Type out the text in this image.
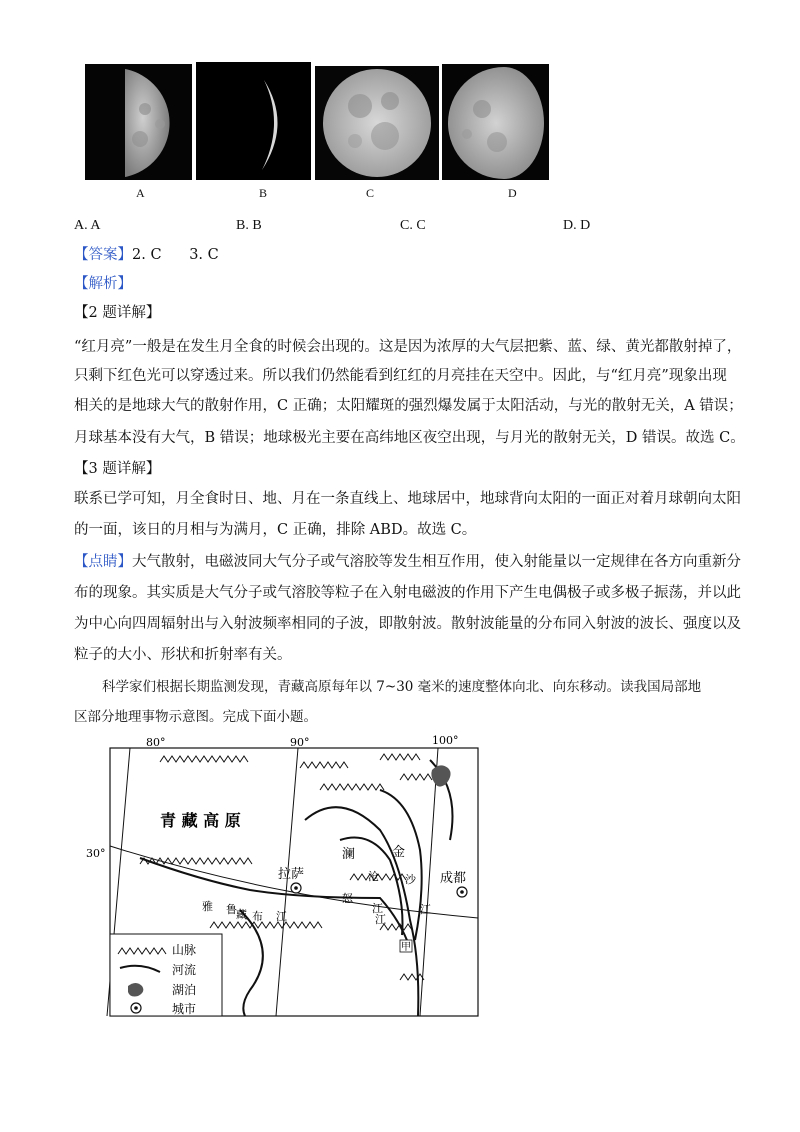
A	B	C	D
A. A	B. B	C. C	D. D
【答案】2. C      3. C
【解析】
【2 题详解】
“红月亮”一般是在发生月全食的时候会出现的。这是因为浓厚的大气层把紫、蓝、绿、黄光都散射掉了，
只剩下红色光可以穿透过来。所以我们仍然能看到红红的月亮挂在天空中。因此，与“红月亮”现象出现
相关的是地球大气的散射作用，C 正确；太阳耀斑的强烈爆发属于太阳活动，与光的散射无关，A 错误；
月球基本没有大气，B 错误；地球极光主要在高纬地区夜空出现，与月光的散射无关，D 错误。故选 C。
【3 题详解】
联系已学可知，月全食时日、地、月在一条直线上、地球居中，地球背向太阳的一面正对着月球朝向太阳
的一面，该日的月相与为满月，C 正确，排除 ABD。故选 C。
【点睛】大气散射，电磁波同大气分子或气溶胶等发生相互作用，使入射能量以一定规律在各方向重新分
布的现象。其实质是大气分子或气溶胶等粒子在入射电磁波的作用下产生电偶极子或多极子振荡，并以此
为中心向四周辐射出与入射波频率相同的子波，即散射波。散射波能量的分布同入射波的波长、强度以及
粒子的大小、形状和折射率有关。
科学家们根据长期监测发现，青藏高原每年以 7~30 毫米的速度整体向北、向东移动。读我国局部地
区部分地理事物示意图。完成下面小题。
80°	90°	100°
30°
青 藏 高 原
拉萨	成都
雅 鲁 藏 布 江
澜
沧
江
怒
江
金
沙
江
甲
山脉
河流
湖泊
城市
